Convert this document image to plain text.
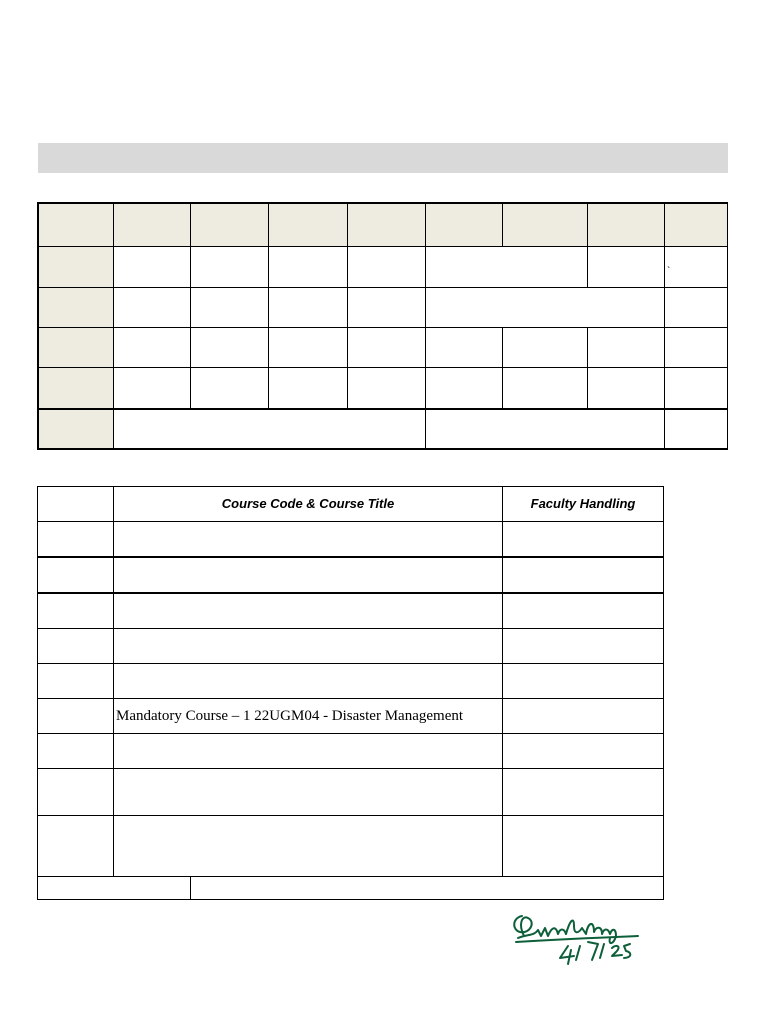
`
Course Code & Course Title	Faculty Handling
Mandatory Course – 1 22UGM04 - Disaster Management
